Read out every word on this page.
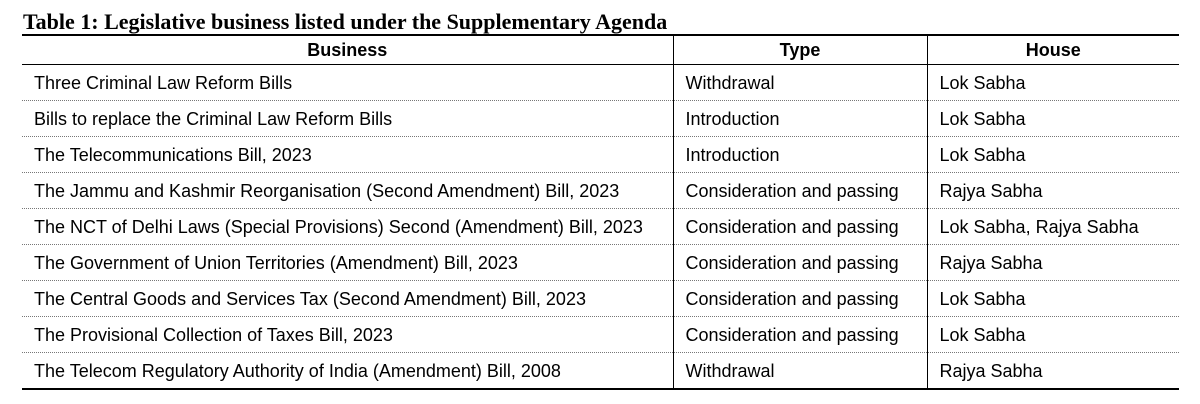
Table 1: Legislative business listed under the Supplementary Agenda
Business	Type	House
Three Criminal Law Reform Bills	Withdrawal	Lok Sabha
Bills to replace the Criminal Law Reform Bills	Introduction	Lok Sabha
The Telecommunications Bill, 2023	Introduction	Lok Sabha
The Jammu and Kashmir Reorganisation (Second Amendment) Bill, 2023	Consideration and passing	Rajya Sabha
The NCT of Delhi Laws (Special Provisions) Second (Amendment) Bill, 2023	Consideration and passing	Lok Sabha, Rajya Sabha
The Government of Union Territories (Amendment) Bill, 2023	Consideration and passing	Rajya Sabha
The Central Goods and Services Tax (Second Amendment) Bill, 2023	Consideration and passing	Lok Sabha
The Provisional Collection of Taxes Bill, 2023	Consideration and passing	Lok Sabha
The Telecom Regulatory Authority of India (Amendment) Bill, 2008	Withdrawal	Rajya Sabha
